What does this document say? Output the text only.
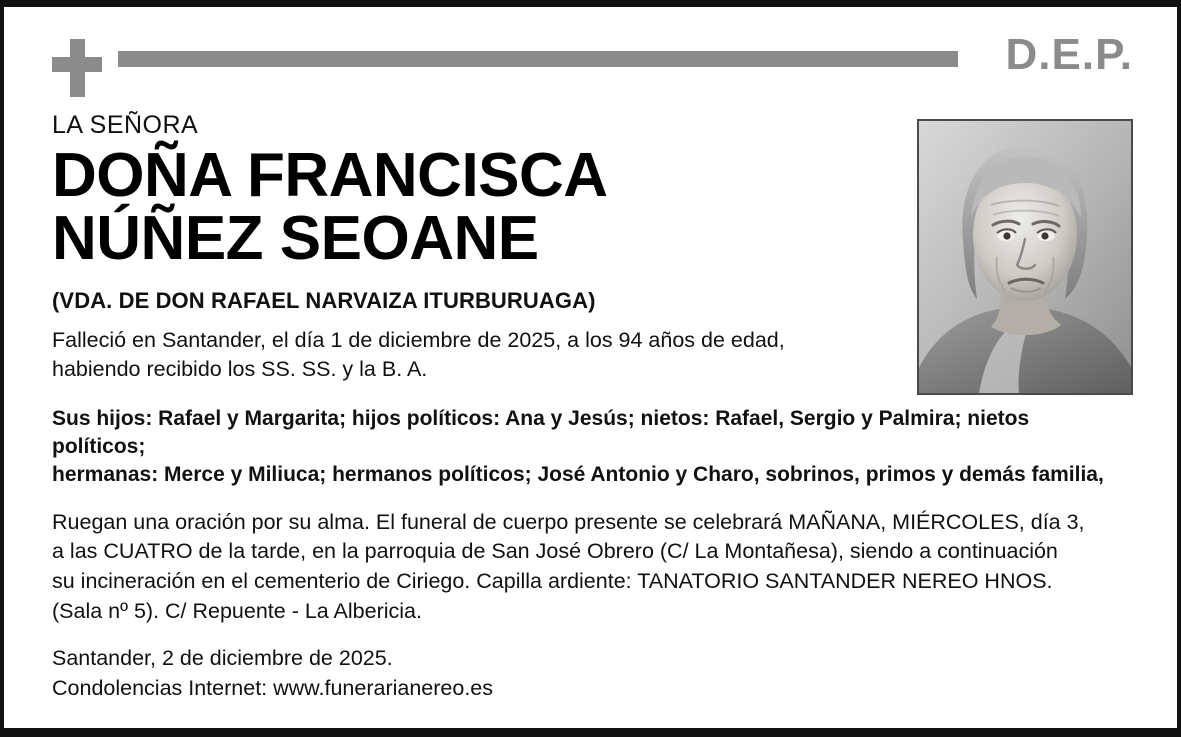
D.E.P.
LA SEÑORA
DOÑA FRANCISCA
NÚÑEZ SEOANE
(VDA. DE DON RAFAEL NARVAIZA ITURBURUAGA)
Falleció en Santander, el día 1 de diciembre de 2025, a los 94 años de edad,
habiendo recibido los SS. SS. y la B. A.
Sus hijos: Rafael y Margarita; hijos políticos: Ana y Jesús; nietos: Rafael, Sergio y Palmira; nietos políticos;
hermanas: Merce y Miliuca; hermanos políticos; José Antonio y Charo, sobrinos, primos y demás familia,
Ruegan una oración por su alma. El funeral de cuerpo presente se celebrará MAÑANA, MIÉRCOLES, día 3,
a las CUATRO de la tarde, en la parroquia de San José Obrero (C/ La Montañesa), siendo a continuación
su incineración en el cementerio de Ciriego. Capilla ardiente: TANATORIO SANTANDER NEREO HNOS.
(Sala nº 5). C/ Repuente - La Albericia.
Santander, 2 de diciembre de 2025.
Condolencias Internet: www.funerarianereo.es
